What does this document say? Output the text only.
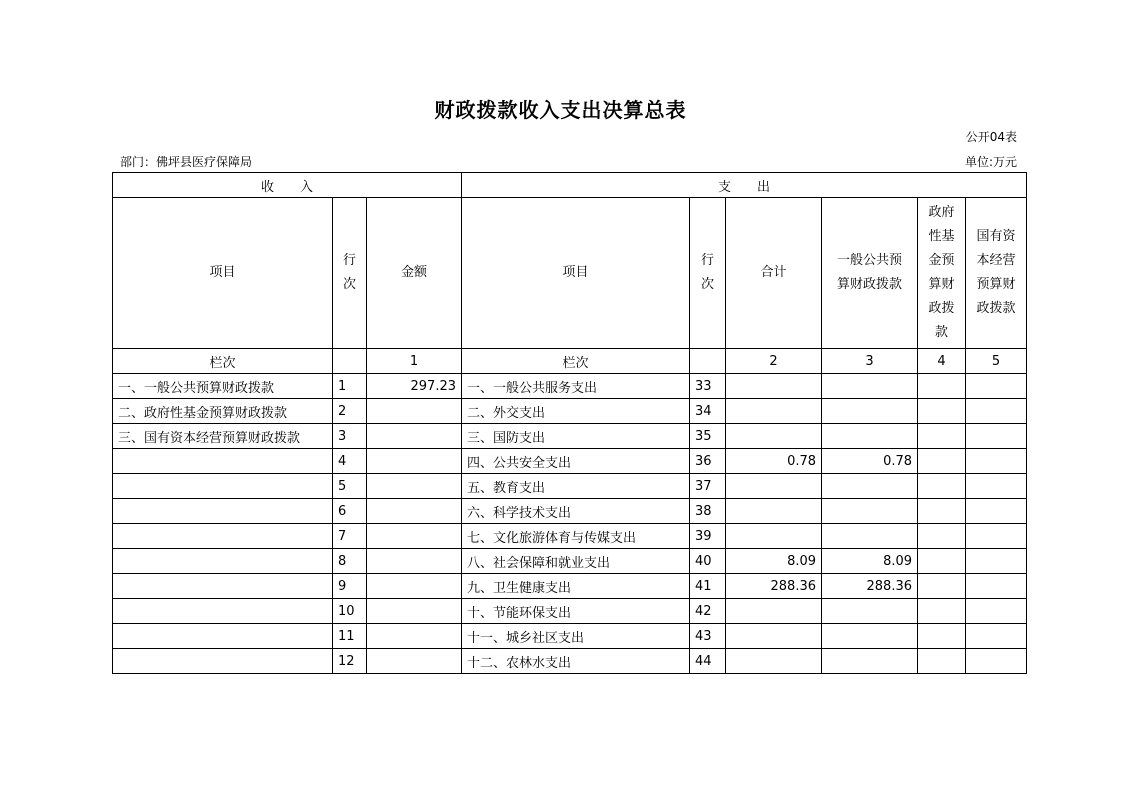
财政拨款收入支出决算总表
公开04表
部门：佛坪县医疗保障局	单位:万元
收　　入			支　　出					
项目	行次	金额	项目	行次	合计	一般公共预算财政拨款	政府性基金预算财政拨款	国有资本经营预算财政拨款
栏次		1	栏次		2	3	4	5
一、一般公共预算财政拨款	1	297.23	一、一般公共服务支出	33				
二、政府性基金预算财政拨款	2		二、外交支出	34				
三、国有资本经营预算财政拨款	3		三、国防支出	35				
	4		四、公共安全支出	36	0.78	0.78		
	5		五、教育支出	37				
	6		六、科学技术支出	38				
	7		七、文化旅游体育与传媒支出	39				
	8		八、社会保障和就业支出	40	8.09	8.09		
	9		九、卫生健康支出	41	288.36	288.36		
	10		十、节能环保支出	42				
	11		十一、城乡社区支出	43				
	12		十二、农林水支出	44				
